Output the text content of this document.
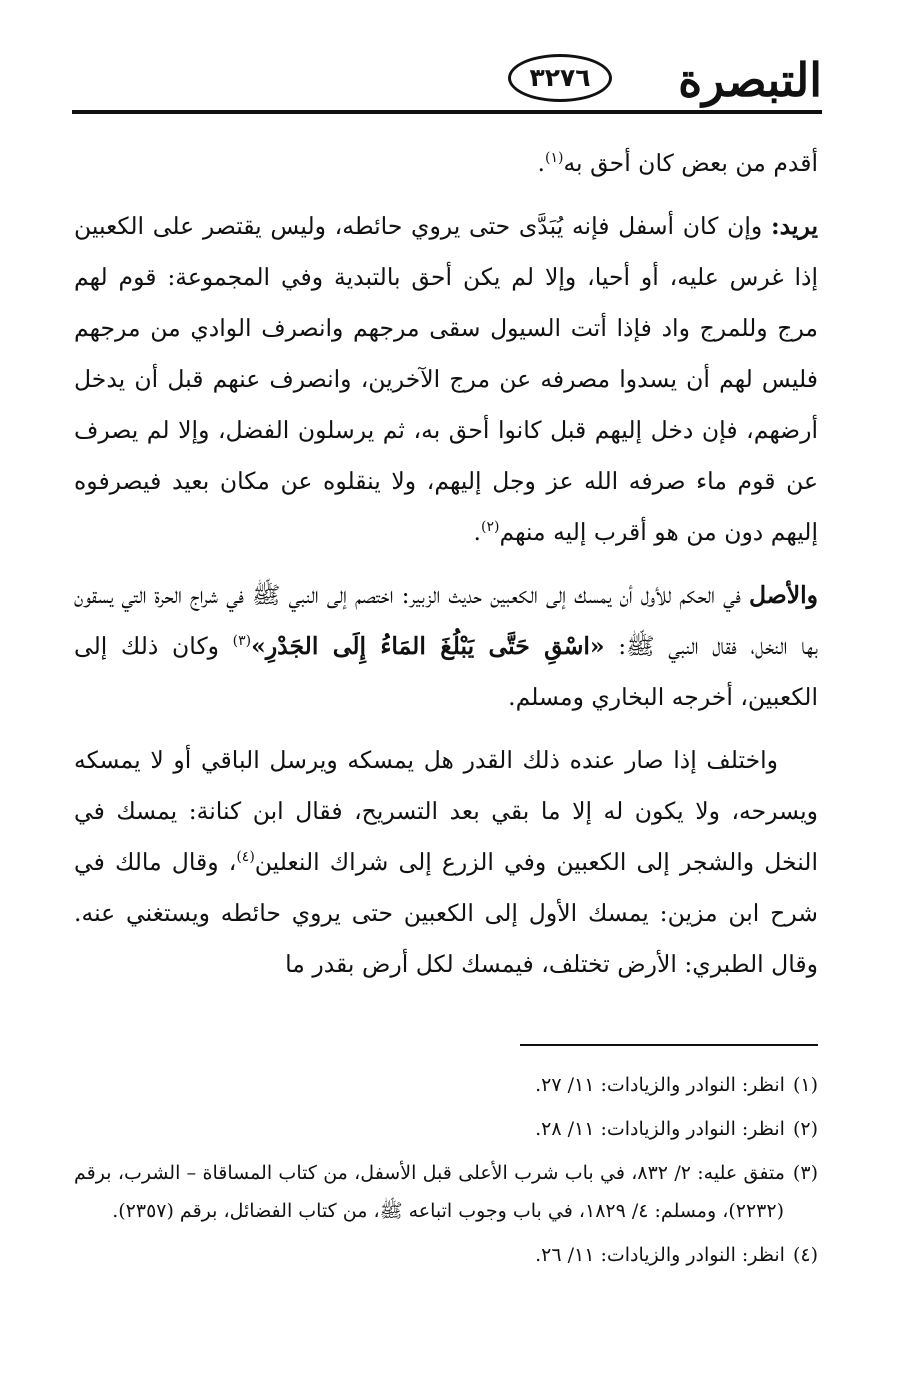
التبصرة
٣٢٧٦

أقدم من بعض كان أحق به$^{(١)}$.

يريد: وإن كان أسفل فإنه يُبَدَّى حتى يروي حائطه، وليس يقتصر على الكعبين إذا غرس عليه، أو أحيا، وإلا لم يكن أحق بالتبدية وفي المجموعة: قوم لهم مرج وللمرج واد فإذا أتت السيول سقى مرجهم وانصرف الوادي من مرجهم فليس لهم أن يسدوا مصرفه عن مرج الآخرين، وانصرف عنهم قبل أن يدخل أرضهم، فإن دخل إليهم قبل كانوا أحق به، ثم يرسلون الفضل، وإلا لم يصرف عن قوم ماء صرفه الله عز وجل إليهم، ولا ينقلوه عن مكان بعيد فيصرفوه إليهم دون من هو أقرب إليه منهم$^{(٢)}$.

والأصل في الحكم للأول أن يمسك إلى الكعبين حديث الزبير: اختصم إلى النبي ﷺ في شراج الحرة التي يسقون بها النخل، فقال النبي ﷺ: «اسْقِ حَتَّى يَبْلُغَ المَاءُ إِلَى الجَدْرِ»$^{(٣)}$ وكان ذلك إلى الكعبين، أخرجه البخاري ومسلم.

واختلف إذا صار عنده ذلك القدر هل يمسكه ويرسل الباقي أو لا يمسكه ويسرحه، ولا يكون له إلا ما بقي بعد التسريح، فقال ابن كنانة: يمسك في النخل والشجر إلى الكعبين وفي الزرع إلى شراك النعلين$^{(٤)}$، وقال مالك في شرح ابن مزين: يمسك الأول إلى الكعبين حتى يروي حائطه ويستغني عنه. وقال الطبري: الأرض تختلف، فيمسك لكل أرض بقدر ما

(١)انظر: النوادر والزيادات: ١١/ ٢٧.

(٢)انظر: النوادر والزيادات: ١١/ ٢٨.

(٣)متفق عليه: ٢/ ٨٣٢، في باب شرب الأعلى قبل الأسفل، من كتاب المساقاة – الشرب، برقم (٢٢٣٢)، ومسلم: ٤/ ١٨٢٩، في باب وجوب اتباعه ﷺ، من كتاب الفضائل، برقم (٢٣٥٧).

(٤)انظر: النوادر والزيادات: ١١/ ٢٦.
